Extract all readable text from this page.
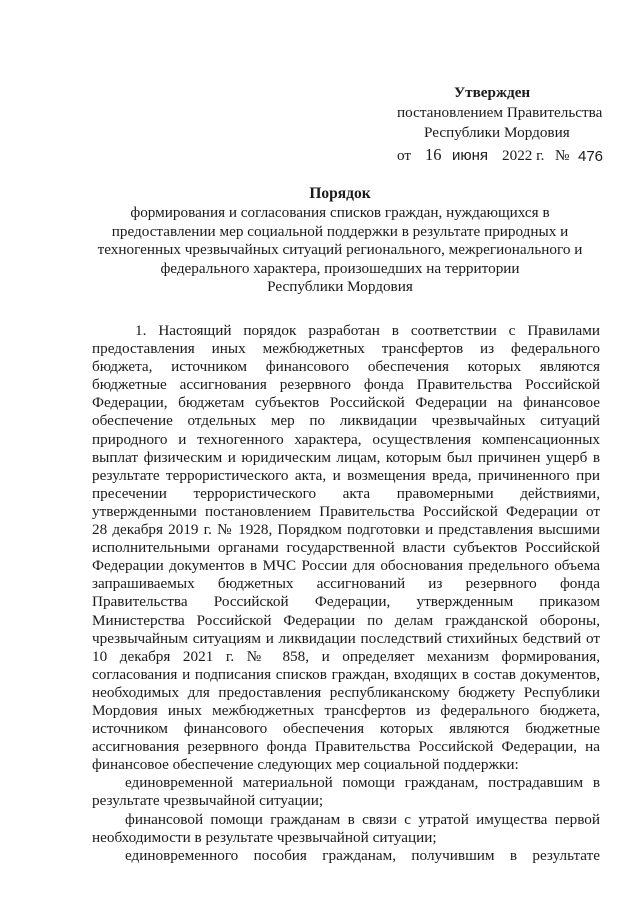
Утвержден
постановлением Правительства
Республики Мордовия
от 16 июня 2022 г. № 476
Порядок
формирования и согласования списков граждан, нуждающихся в
предоставлении мер социальной поддержки в результате природных и
техногенных чрезвычайных ситуаций регионального, межрегионального и
федерального характера, произошедших на территории
Республики Мордовия
1. Настоящий порядок разработан в соответствии с Правилами
предоставления иных межбюджетных трансфертов из федерального
бюджета, источником финансового обеспечения которых являются
бюджетные ассигнования резервного фонда Правительства Российской
Федерации, бюджетам субъектов Российской Федерации на финансовое
обеспечение отдельных мер по ликвидации чрезвычайных ситуаций
природного и техногенного характера, осуществления компенсационных
выплат физическим и юридическим лицам, которым был причинен ущерб в
результате террористического акта, и возмещения вреда, причиненного при
пресечении террористического акта правомерными действиями,
утвержденными постановлением Правительства Российской Федерации от
28 декабря 2019 г. № 1928, Порядком подготовки и представления высшими
исполнительными органами государственной власти субъектов Российской
Федерации документов в МЧС России для обоснования предельного объема
запрашиваемых бюджетных ассигнований из резервного фонда
Правительства Российской Федерации, утвержденным приказом
Министерства Российской Федерации по делам гражданской обороны,
чрезвычайным ситуациям и ликвидации последствий стихийных бедствий от
10 декабря 2021 г. № 858, и определяет механизм формирования,
согласования и подписания списков граждан, входящих в состав документов,
необходимых для предоставления республиканскому бюджету Республики
Мордовия иных межбюджетных трансфертов из федерального бюджета,
источником финансового обеспечения которых являются бюджетные
ассигнования резервного фонда Правительства Российской Федерации, на
финансовое обеспечение следующих мер социальной поддержки:
единовременной материальной помощи гражданам, пострадавшим в
результате чрезвычайной ситуации;
финансовой помощи гражданам в связи с утратой имущества первой
необходимости в результате чрезвычайной ситуации;
единовременного пособия гражданам, получившим в результате
